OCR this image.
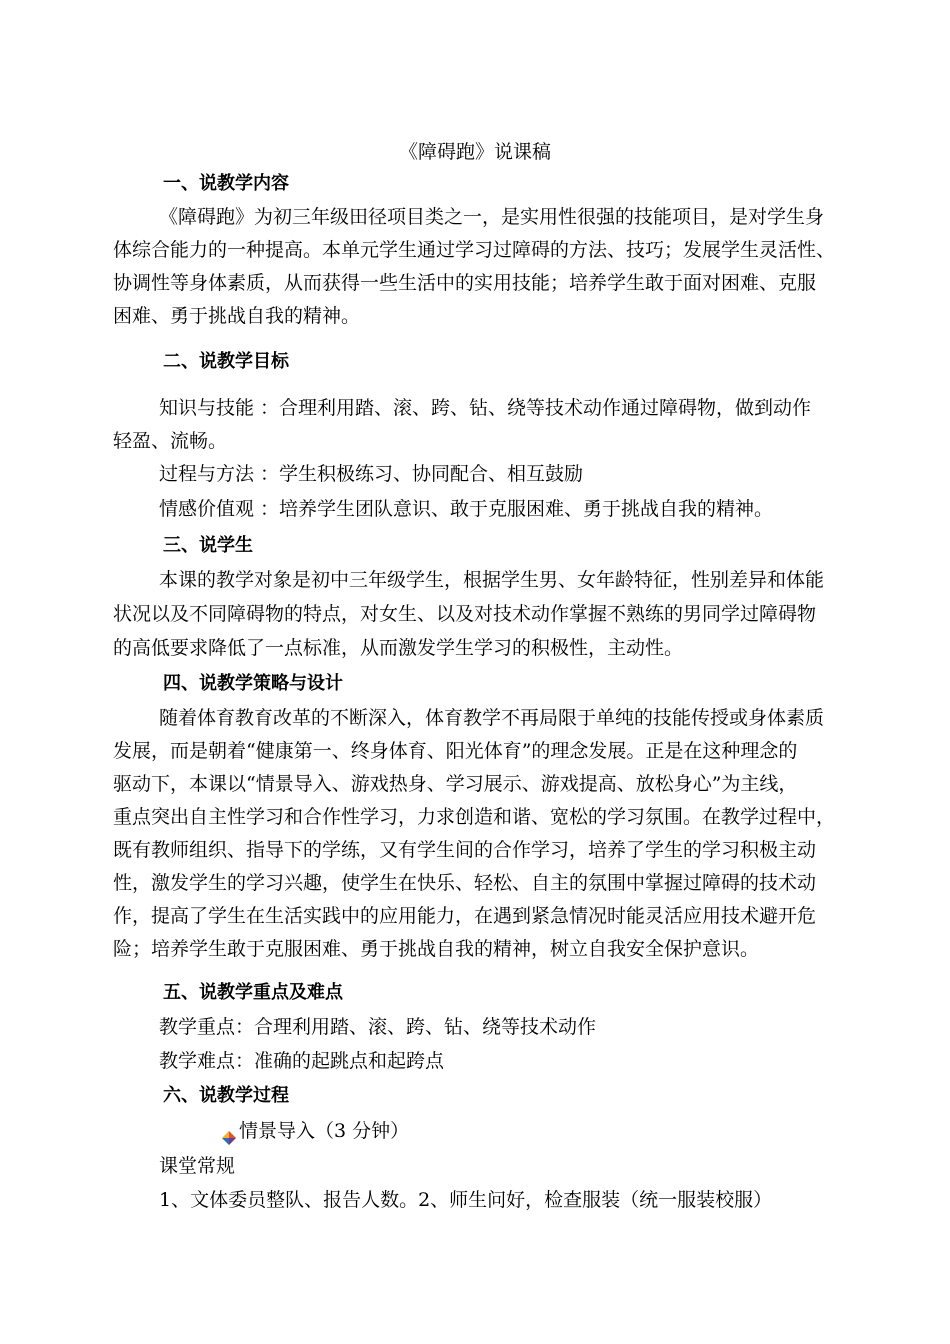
《障碍跑》说课稿
一、说教学内容
《障碍跑》为初三年级田径项目类之一，是实用性很强的技能项目，是对学生身
体综合能力的一种提高。本单元学生通过学习过障碍的方法、技巧；发展学生灵活性、
协调性等身体素质，从而获得一些生活中的实用技能；培养学生敢于面对困难、克服
困难、勇于挑战自我的精神。
二、说教学目标
知识与技能 ：合理利用踏、滚、跨、钻、绕等技术动作通过障碍物，做到动作
轻盈、流畅。
过程与方法 ：学生积极练习、协同配合、相互鼓励
情感价值观 ：培养学生团队意识、敢于克服困难、勇于挑战自我的精神。
三、说学生
本课的教学对象是初中三年级学生，根据学生男、女年龄特征，性别差异和体能
状况以及不同障碍物的特点，对女生、以及对技术动作掌握不熟练的男同学过障碍物
的高低要求降低了一点标准，从而激发学生学习的积极性，主动性。
四、说教学策略与设计
随着体育教育改革的不断深入，体育教学不再局限于单纯的技能传授或身体素质
发展，而是朝着“健康第一、终身体育、阳光体育”的理念发展。正是在这种理念的
驱动下，本课以“情景导入、游戏热身、学习展示、游戏提高、放松身心”为主线，
重点突出自主性学习和合作性学习，力求创造和谐、宽松的学习氛围。在教学过程中，
既有教师组织、指导下的学练，又有学生间的合作学习，培养了学生的学习积极主动
性，激发学生的学习兴趣，使学生在快乐、轻松、自主的氛围中掌握过障碍的技术动
作，提高了学生在生活实践中的应用能力，在遇到紧急情况时能灵活应用技术避开危
险；培养学生敢于克服困难、勇于挑战自我的精神，树立自我安全保护意识。
五、说教学重点及难点
教学重点：合理利用踏、滚、跨、钻、绕等技术动作
教学难点：准确的起跳点和起跨点
六、说教学过程
情景导入（3 分钟）
课堂常规
1、文体委员整队、报告人数。2、师生问好，检查服装（统一服装校服）
